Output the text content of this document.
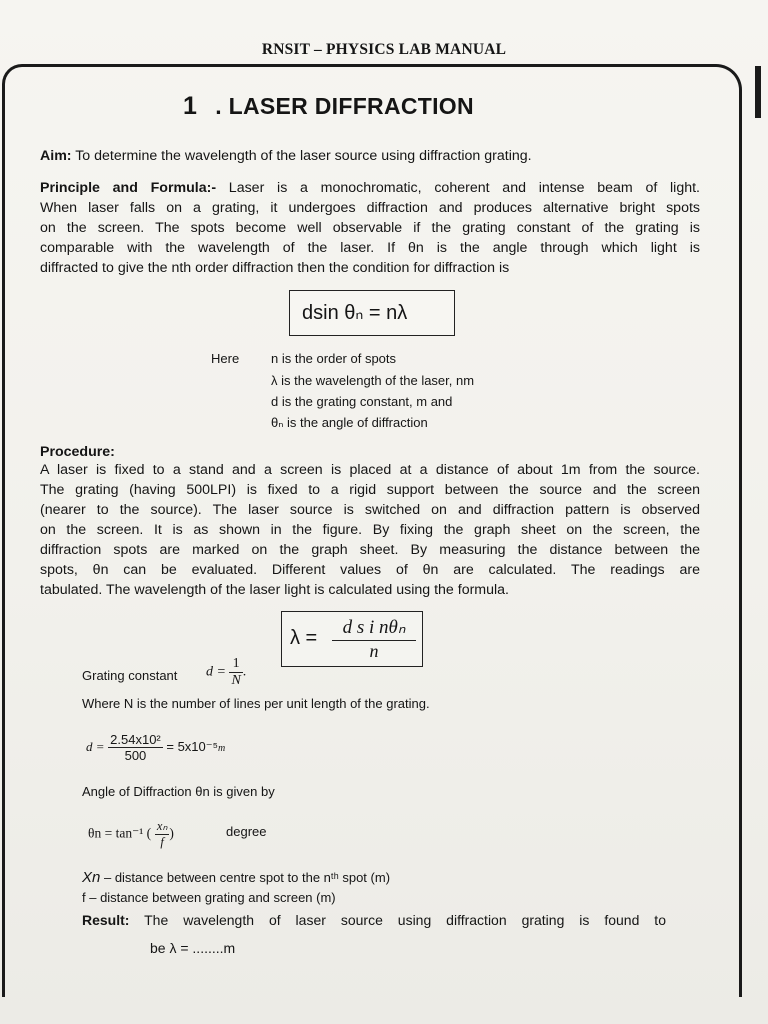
RNSIT – PHYSICS LAB MANUAL
1 . LASER DIFFRACTION
Aim: To determine the wavelength of the laser source using diffraction grating.
Principle and Formula:- Laser is a monochromatic, coherent and intense beam of light.
When laser falls on a grating, it undergoes diffraction and produces alternative bright spots
on the screen. The spots become well observable if the grating constant of the grating is
comparable with the wavelength of the laser. If θn is the angle through which light is
diffracted to give the nth order diffraction then the condition for diffraction is
dsin θₙ = nλ
Here n is the order of spots
λ is the wavelength of the laser, nm
d is the grating constant, m and
θₙ is the angle of diffraction
Procedure:
A laser is fixed to a stand and a screen is placed at a distance of about 1m from the source.
The grating (having 500LPI) is fixed to a rigid support between the source and the screen
(nearer to the source). The laser source is switched on and diffraction pattern is observed
on the screen. It is as shown in the figure. By fixing the graph sheet on the screen, the
diffraction spots are marked on the graph sheet. By measuring the distance between the
spots, θn can be evaluated. Different values of θn are calculated. The readings are
tabulated. The wavelength of the laser light is calculated using the formula.
λ =	d s i nθₙ
n
Grating constant $d = \frac{1}{N}$ .
Where N is the number of lines per unit length of the grating.
$d = \frac{\text{2.54x10²}}{500} = 5x10^{-5}m$
Angle of Diffraction θn is given by
θn = tan⁻¹ ( $\frac{\text{xₙ}}{f}$ )	degree
Xn – distance between centre spot to the nᵗʰ spot (m)
f – distance between grating and screen (m)
Result: The wavelength of laser source using diffraction grating is found to
be λ = ........m
